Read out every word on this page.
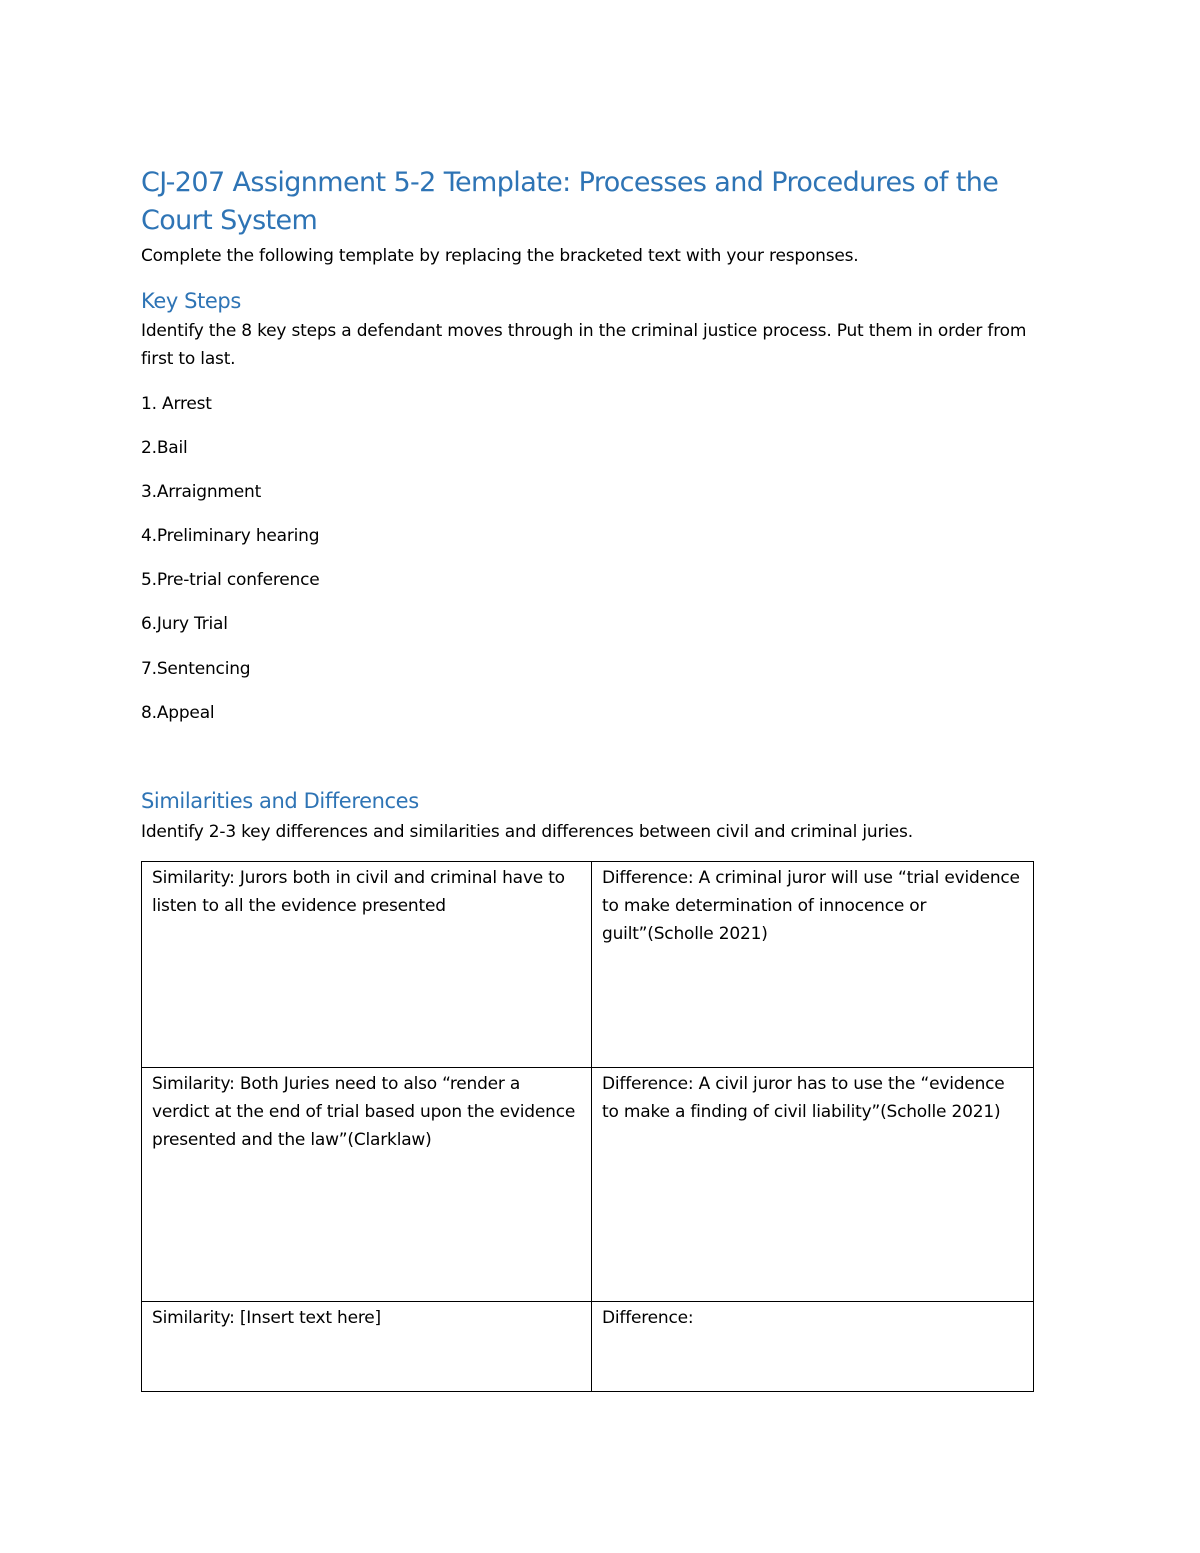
CJ-207 Assignment 5-2 Template: Processes and Procedures of the Court System
Complete the following template by replacing the bracketed text with your responses.
Key Steps
Identify the 8 key steps a defendant moves through in the criminal justice process. Put them in order from first to last.
1. Arrest
2.Bail
3.Arraignment
4.Preliminary hearing
5.Pre-trial conference
6.Jury Trial
7.Sentencing
8.Appeal
Similarities and Differences
Identify 2-3 key differences and similarities and differences between civil and criminal juries.
Similarity: Jurors both in civil and criminal have to listen to all the evidence presented	Difference: A criminal juror will use “trial evidence to make determination of innocence or guilt”(Scholle 2021)
Similarity: Both Juries need to also “render a verdict at the end of trial based upon the evidence presented and the law”(Clarklaw)	Difference: A civil juror has to use the “evidence to make a finding of civil liability”(Scholle 2021)
Similarity: [Insert text here]	Difference:
